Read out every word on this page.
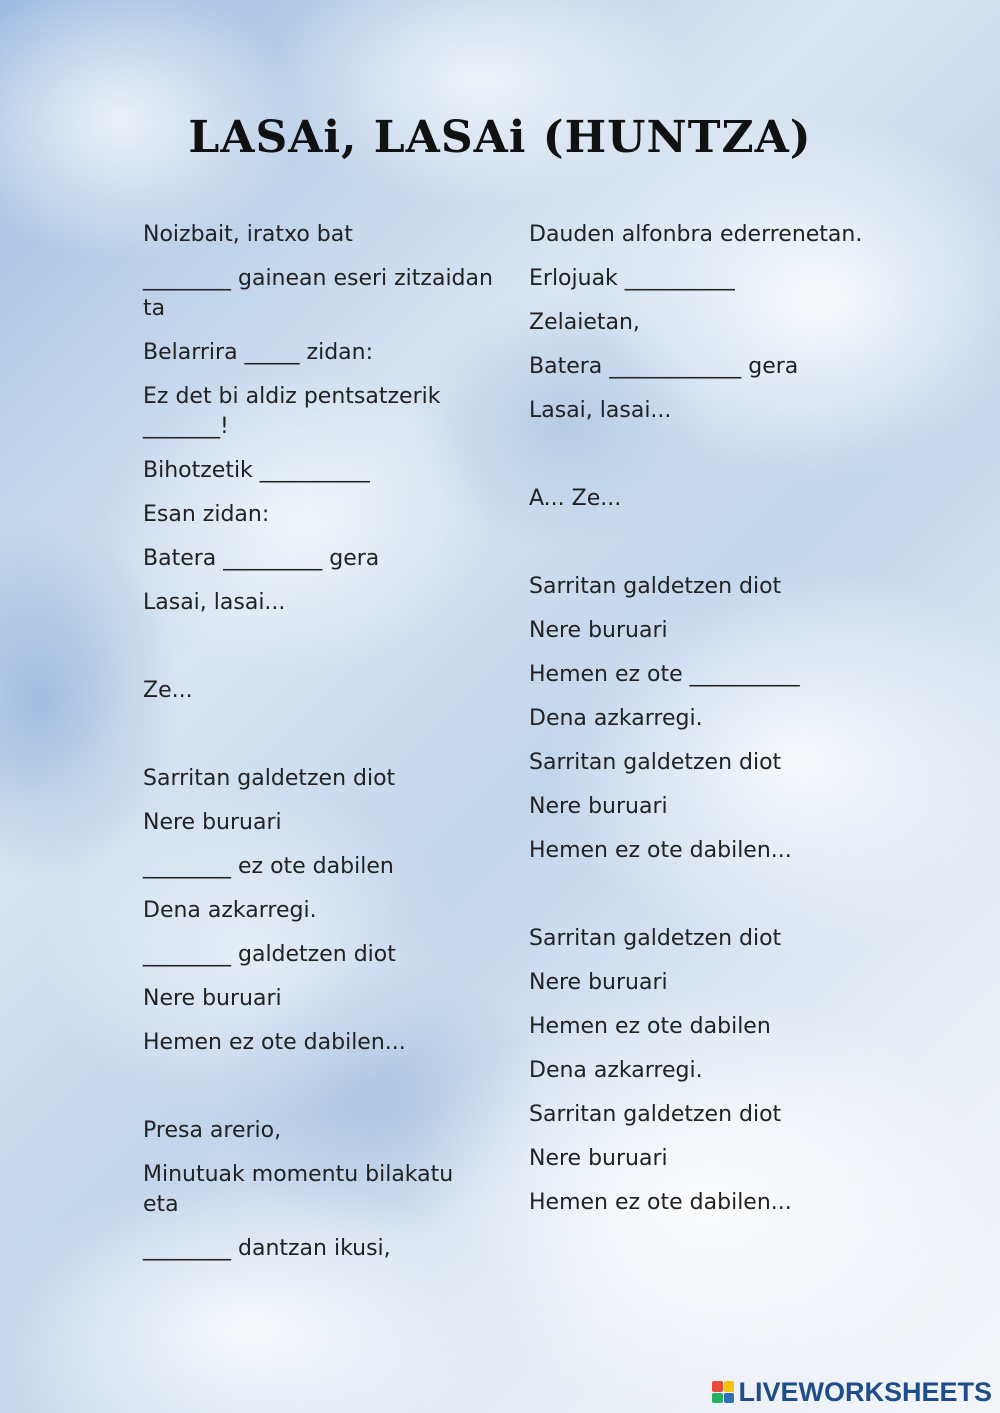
LASAi, LASAi (HUNTZA)
Noizbait, iratxo bat
________ gainean eseri zitzaidan ta
Belarrira _____ zidan:
Ez det bi aldiz pentsatzerik _______!
Bihotzetik __________
Esan zidan:
Batera _________ gera
Lasai, lasai...
Ze...
Sarritan galdetzen diot
Nere buruari
________ ez ote dabilen
Dena azkarregi.
________ galdetzen diot
Nere buruari
Hemen ez ote dabilen...
Presa arerio,
Minutuak momentu bilakatu eta
________ dantzan ikusi,
Dauden alfonbra ederrenetan.
Erlojuak __________
Zelaietan,
Batera ____________ gera
Lasai, lasai...
A... Ze...
Sarritan galdetzen diot
Nere buruari
Hemen ez ote __________
Dena azkarregi.
Sarritan galdetzen diot
Nere buruari
Hemen ez ote dabilen...
Sarritan galdetzen diot
Nere buruari
Hemen ez ote dabilen
Dena azkarregi.
Sarritan galdetzen diot
Nere buruari
Hemen ez ote dabilen...
LIVEWORKSHEETS
